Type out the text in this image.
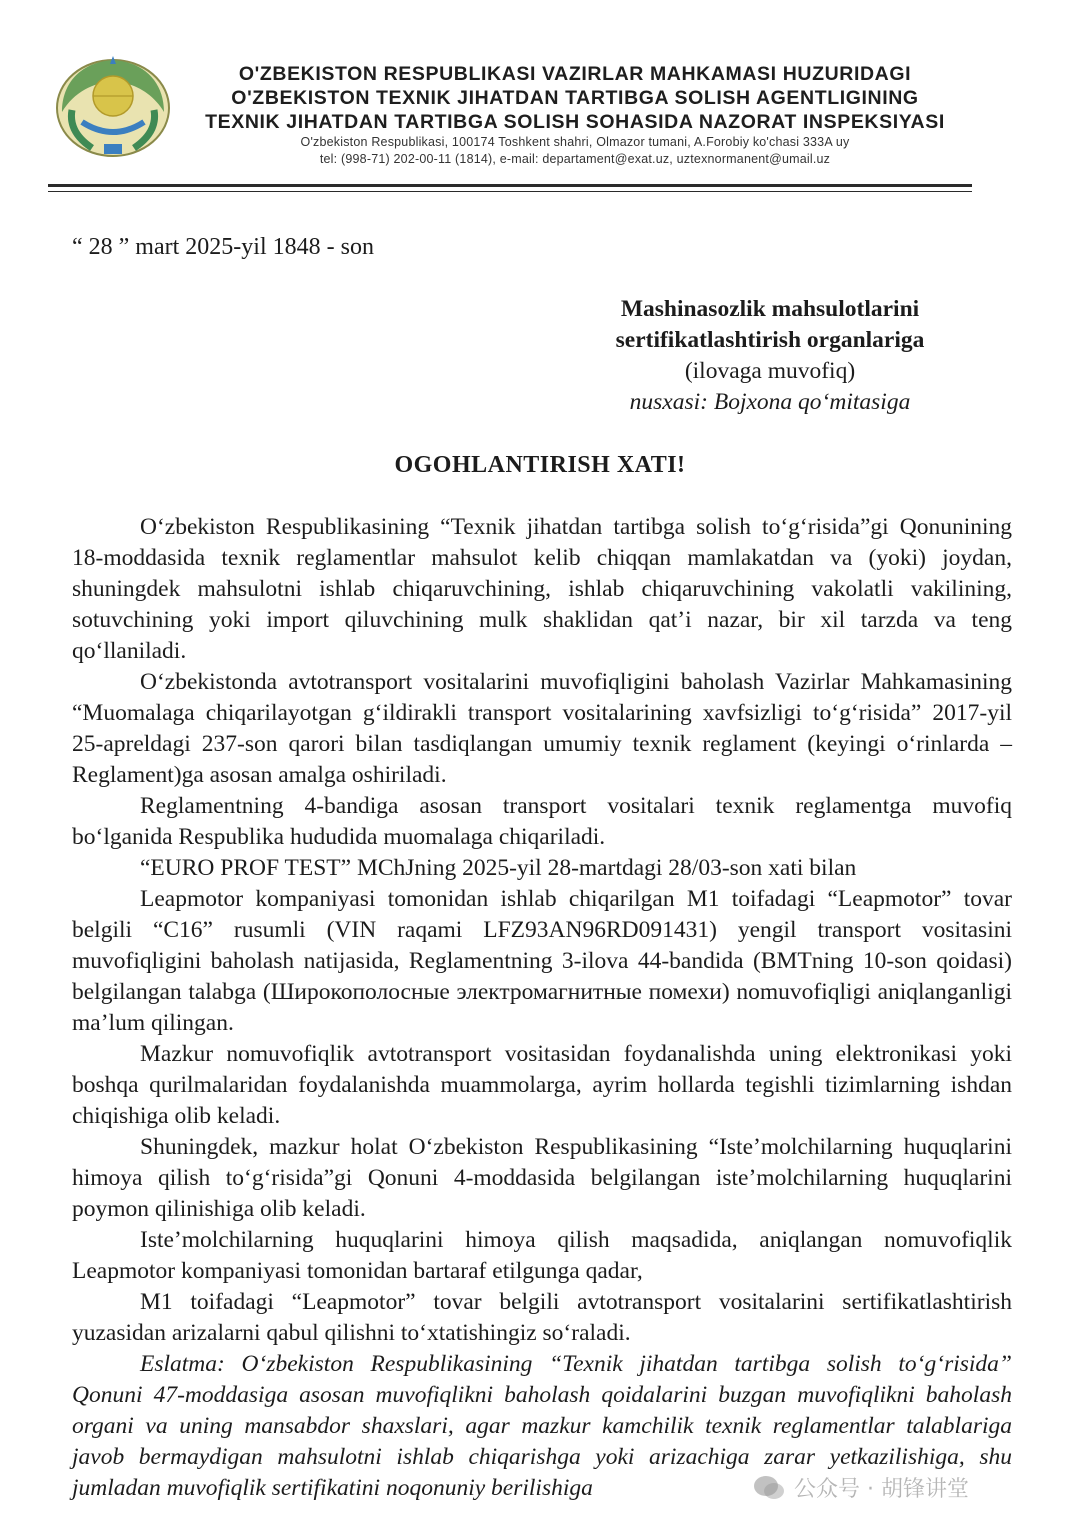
O'ZBEKISTON RESPUBLIKASI VAZIRLAR MAHKAMASI HUZURIDAGI
O'ZBEKISTON TEXNIK JIHATDAN TARTIBGA SOLISH AGENTLIGINING
TEXNIK JIHATDAN TARTIBGA SOLISH SOHASIDA NAZORAT INSPEKSIYASI
O'zbekiston Respublikasi, 100174 Toshkent shahri, Olmazor tumani, A.Forobiy ko'chasi 333A uy
tel: (998-71) 202-00-11 (1814), e-mail: departament@exat.uz, uztexnormanent@umail.uz
“ 28 ” mart 2025-yil 1848 - son
Mashinasozlik mahsulotlarini
sertifikatlashtirish organlariga
(ilovaga muvofiq)
nusxasi: Bojxona qo‘mitasiga
OGOHLANTIRISH XATI!

O‘zbekiston Respublikasining “Texnik jihatdan tartibga solish to‘g‘risida”gi Qonunining 18-moddasida texnik reglamentlar mahsulot kelib chiqqan mamlakatdan va (yoki) joydan, shuningdek mahsulotni ishlab chiqaruvchining, ishlab chiqaruvchining vakolatli vakilining, sotuvchining yoki import qiluvchining mulk shaklidan qat’i nazar, bir xil tarzda va teng qo‘llaniladi.

O‘zbekistonda avtotransport vositalarini muvofiqligini baholash Vazirlar Mahkamasining “Muomalaga chiqarilayotgan g‘ildirakli transport vositalarining xavfsizligi to‘g‘risida” 2017-yil 25-apreldagi 237-son qarori bilan tasdiqlangan umumiy texnik reglament (keyingi o‘rinlarda – Reglament)ga asosan amalga oshiriladi.

Reglamentning 4-bandiga asosan transport vositalari texnik reglamentga muvofiq bo‘lganida Respublika hududida muomalaga chiqariladi.

“EURO PROF TEST” MChJning 2025-yil 28-martdagi 28/03-son xati bilan

Leapmotor kompaniyasi tomonidan ishlab chiqarilgan M1 toifadagi “Leapmotor” tovar belgili “C16” rusumli (VIN raqami LFZ93AN96RD091431) yengil transport vositasini muvofiqligini baholash natijasida, Reglamentning 3-ilova 44-bandida (BMTning 10-son qoidasi) belgilangan talabga (Широкополосные электромагнитные помехи) nomuvofiqligi aniqlanganligi ma’lum qilingan.

Mazkur nomuvofiqlik avtotransport vositasidan foydanalishda uning elektronikasi yoki boshqa qurilmalaridan foydalanishda muammolarga, ayrim hollarda tegishli tizimlarning ishdan chiqishiga olib keladi.

Shuningdek, mazkur holat O‘zbekiston Respublikasining “Iste’molchilarning huquqlarini himoya qilish to‘g‘risida”gi Qonuni 4-moddasida belgilangan iste’molchilarning huquqlarini poymon qilinishiga olib keladi.

Iste’molchilarning huquqlarini himoya qilish maqsadida, aniqlangan nomuvofiqlik Leapmotor kompaniyasi tomonidan bartaraf etilgunga qadar,

M1 toifadagi “Leapmotor” tovar belgili avtotransport vositalarini sertifikatlashtirish yuzasidan arizalarni qabul qilishni to‘xtatishingiz so‘raladi.

Eslatma: O‘zbekiston Respublikasining “Texnik jihatdan tartibga solish to‘g‘risida” Qonuni 47-moddasiga asosan muvofiqlikni baholash qoidalarini buzgan muvofiqlikni baholash organi va uning mansabdor shaxslari, agar mazkur kamchilik texnik reglamentlar talablariga javob bermaydigan mahsulotni ishlab chiqarishga yoki arizachiga zarar yetkazilishiga, shu jumladan muvofiqlik sertifikatini noqonuniy berilishiga	公众号 · 胡锋讲堂
